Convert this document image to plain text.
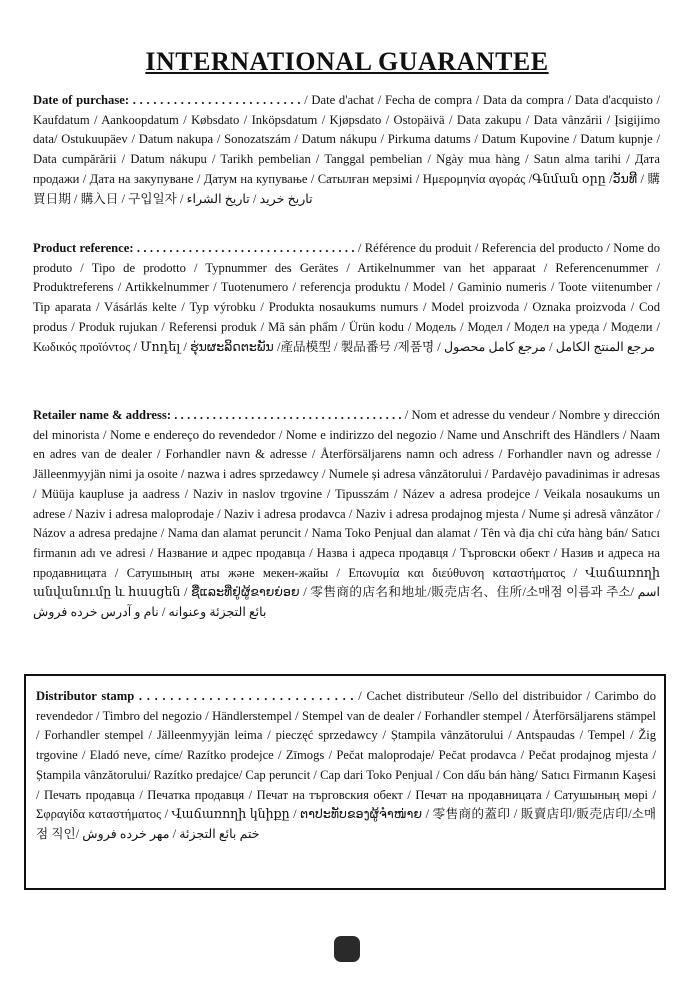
INTERNATIONAL GUARANTEE
Date of purchase: . . . . . . . . . . . . . . . . . . . . . . . . . / Date d'achat / Fecha de compra / Data da compra / Data d'acquisto / Kaufdatum / Aankoopdatum / Købsdato / Inköpsdatum / Kjøpsdato / Ostopäivä / Data zakupu / Data vânzării / Įsigijimo data/ Ostukuupäev / Datum nakupa / Sonozatszám / Datum nákupu / Pirkuma datums / Datum Kupovine / Datum kupnje / Data cumpărării / Datum nákupu / Tarikh pembelian / Tanggal pembelian / Ngày mua hàng / Satın alma tarihi / Дата продажи / Дата на закупуване / Датум на купување / Сатылған мерзімі / Ημερομηνία αγοράς /Գնման օրը /ວັນທີ / 購買日期 / 購入日 / 구입일자 / تاریخ خرید / تاریخ الشراء
Product reference: . . . . . . . . . . . . . . . . . . . . . . . . . . . . . . . . . . / Référence du produit / Referencia del producto / Nome do produto / Tipo de prodotto / Typnummer des Gerätes / Artikelnummer van het apparaat / Referencenummer / Produktreferens / Artikkelnummer / Tuotenumero / referencja produktu / Model / Gaminio numeris / Toote viitenumber / Tip aparata / Vásárlás kelte / Typ výrobku / Produkta nosaukums numurs / Model proizvoda / Oznaka proizvoda / Cod produs / Produk rujukan / Referensi produk / Mã sản phẩm / Ürün kodu / Модель / Модел / Модел на уреда / Модели / Κωδικός προϊόντος / Մոդել / ຮຸ່ນຜະລິດຕະພັນ /產品模型 / 製品番号 /제품명 / مرجع المنتج الكامل / مرجع کامل محصول
Retailer name & address: . . . . . . . . . . . . . . . . . . . . . . . . . . . . . . . . . . . . / Nom et adresse du vendeur / Nombre y dirección del minorista / Nome e endereço do revendedor / Nome e indirizzo del negozio / Name und Anschrift des Händlers / Naam en adres van de dealer / Forhandler navn & adresse / Återförsäljarens namn och adress / Forhandler navn og adresse / Jälleenmyyjän nimi ja osoite / nazwa i adres sprzedawcy / Numele și adresa vânzătorului / Pardavėjo pavadinimas ir adresas / Müüja kaupluse ja aadress / Naziv in naslov trgovine / Tipusszám / Název a adresa prodejce / Veikala nosaukums un adrese / Naziv i adresa maloprodaje / Naziv i adresa prodavca / Naziv i adresa prodajnog mjesta / Nume și adresă vânzător / Názov a adresa predajne / Nama dan alamat peruncit / Nama Toko Penjual dan alamat / Tên và địa chỉ cửa hàng bán/ Satıcı firmanın adı ve adresi / Название и адрес продавца / Назва і адреса продавця / Търговски обект / Назив и адреса на продавницата / Сатушының аты және мекен-жайы / Επωνυμία και διεύθυνση καταστήματος / Վաճառողի անվանումը և հասցեն / ຊື່ແລະທີ່ຢູ່ຜູ້ຂາຍຍ່ອຍ / 零售商的店名和地址/販売店名、住所/소매점 이름과 주소/ اسم بائع التجزئة وعنوانه / نام و آدرس خرده فروش
Distributor stamp . . . . . . . . . . . . . . . . . . . . . . . . . . . . / Cachet distributeur /Sello del distribuidor / Carimbo do revendedor / Timbro del negozio / Händlerstempel / Stempel van de dealer / Forhandler stempel / Återförsäljarens stämpel / Forhandler stempel / Jälleenmyyjän leima / pieczęć sprzedawcy / Ștampila vânzătorului / Antspaudas / Tempel / Žig trgovine / Eladó neve, címe/ Razítko prodejce / Zīmogs / Pečat maloprodaje/ Pečat prodavca / Pečat prodajnog mjesta / Ștampila vânzătorului/ Razítko predajce/ Cap peruncit / Cap dari Toko Penjual / Con dấu bán hàng/ Satıcı Firmanın Kaşesi / Печать продавца / Печатка продавця / Печат на търговския обект / Печат на продавницата / Сатушының мөрі / Σφραγίδα καταστήματος / Վաճառողի կնիքը / ຕາປະທັບຂອງຜູ້ຈຳໜ່າຍ / 零售商的蓋印 / 販賣店印/販売店印/소매점 직인/ ختم بائع التجزئة / مهر خرده فروش
